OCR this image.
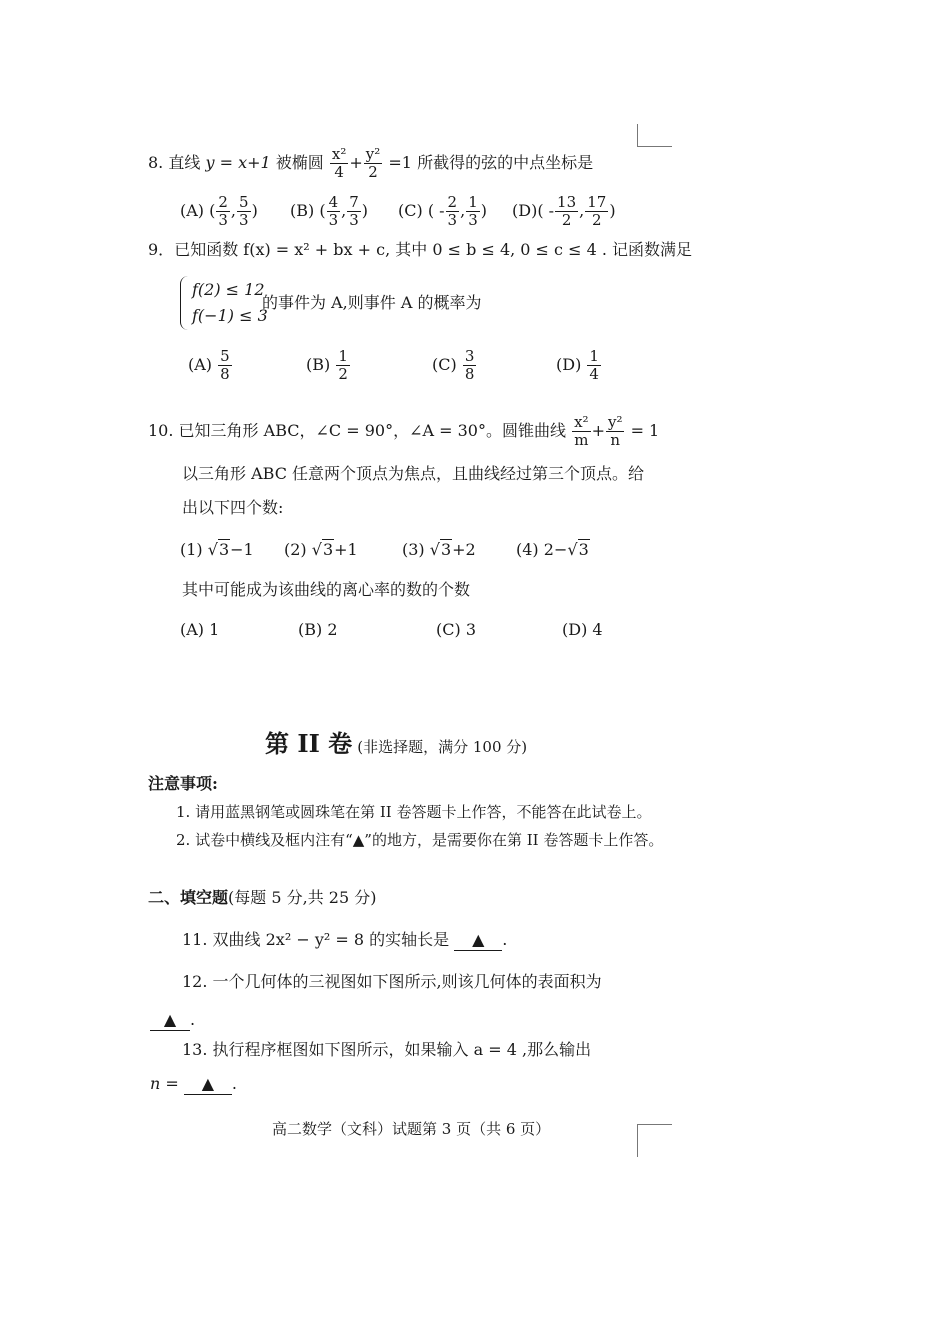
8. 直线 y = x+1 被椭圆 $\frac{\text{x²}}{4} + \frac{\text{y²}}{2} =1$ 所截得的弦的中点坐标是
(A) ( $\frac{2}{3}$ , $\frac{5}{3}$ ) (B) ( $\frac{4}{3}$ , $\frac{7}{3}$ ) (C) ( - $\frac{2}{3}$ , $\frac{1}{3}$ ) $(D)( - \frac{13}{2}$ , $\frac{17}{2}$ )
9．已知函数 f(x) = x² + bx + c, 其中 0 ≤ b ≤ 4, 0 ≤ c ≤ 4 . 记函数满足
f(2) ≤ 12
f(−1) ≤ 3
的事件为 A,则事件 A 的概率为
$(A) \frac{5}{8}$	$(B) \frac{1}{2}$	$(C) \frac{3}{8}$	$(D) \frac{1}{4}$
10. 已知三角形 ABC，∠C = 90°，∠A = 30°。圆锥曲线 $\frac{\text{x²}}{m} + \frac{\text{y²}}{n} = 1$
以三角形 ABC 任意两个顶点为焦点，且曲线经过第三个顶点。给
出以下四个数:
(1) √3−1 (2) √3+1	(3) √3+2	(4) 2−√3
其中可能成为该曲线的离心率的数的个数
(A) 1	(B) 2	(C) 3	(D) 4
第 II 卷 (非选择题，满分 100 分)
注意事项:
1. 请用蓝黑钢笔或圆珠笔在第 II 卷答题卡上作答，不能答在此试卷上。
2. 试卷中横线及框内注有“▲”的地方，是需要你在第 II 卷答题卡上作答。
二、填空题(每题 5 分,共 25 分)
11. 双曲线 2x² − y² = 8 的实轴长是 ▲ .
12. 一个几何体的三视图如下图所示,则该几何体的表面积为
▲ .
13. 执行程序框图如下图所示，如果输入 a = 4 ,那么输出
n = ▲ .
高二数学（文科）试题第 3 页（共 6 页）
